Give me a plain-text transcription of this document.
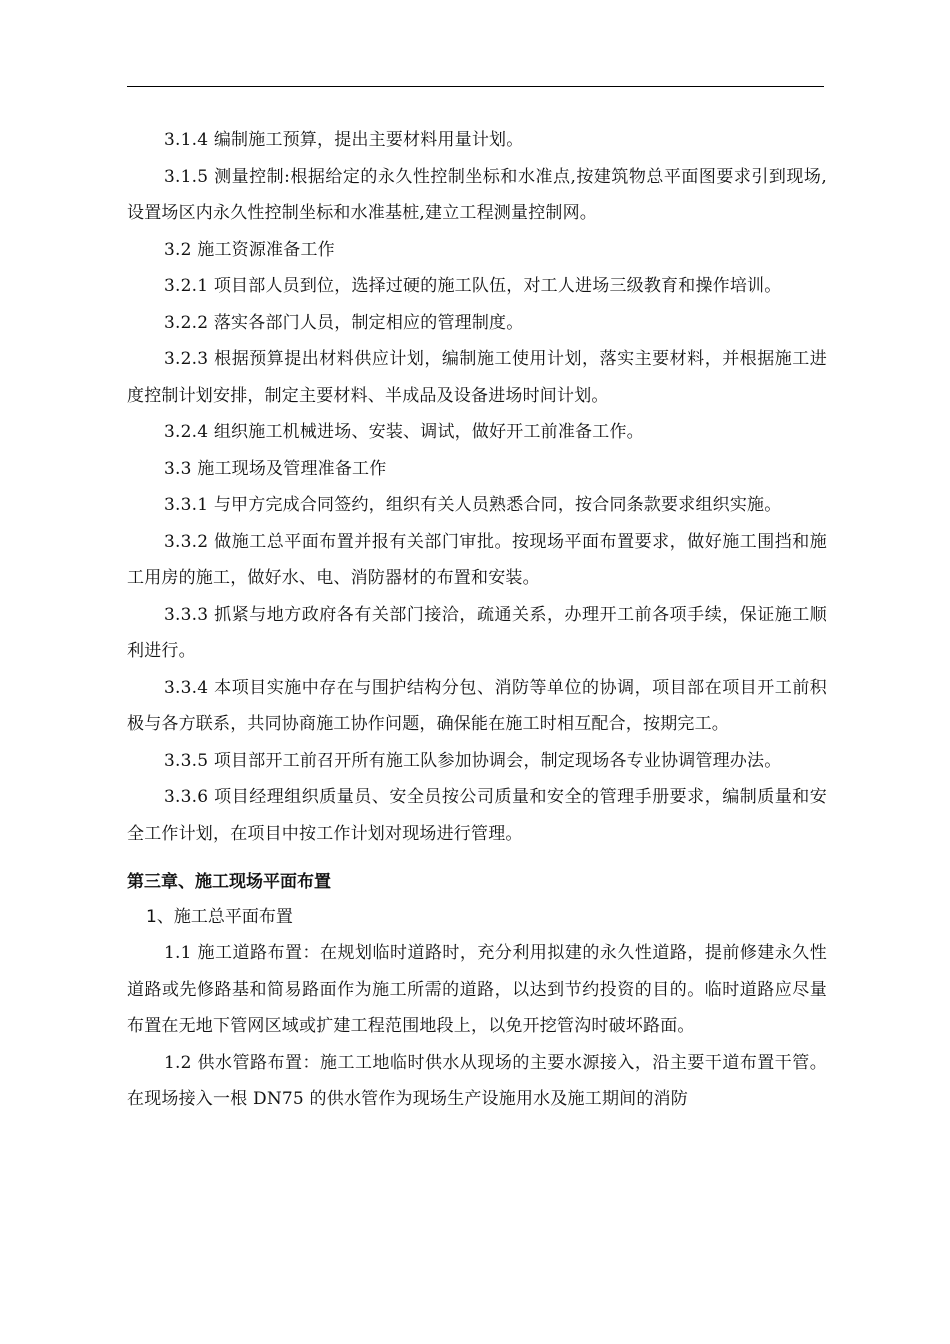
3.1.4 编制施工预算，提出主要材料用量计划。

3.1.5 测量控制:根据给定的永久性控制坐标和水准点,按建筑物总平面图要求引到现场,设置场区内永久性控制坐标和水准基桩,建立工程测量控制网。

3.2 施工资源准备工作

3.2.1 项目部人员到位，选择过硬的施工队伍，对工人进场三级教育和操作培训。

3.2.2 落实各部门人员，制定相应的管理制度。

3.2.3 根据预算提出材料供应计划，编制施工使用计划，落实主要材料，并根据施工进度控制计划安排，制定主要材料、半成品及设备进场时间计划。

3.2.4 组织施工机械进场、安装、调试，做好开工前准备工作。

3.3 施工现场及管理准备工作

3.3.1 与甲方完成合同签约，组织有关人员熟悉合同，按合同条款要求组织实施。

3.3.2 做施工总平面布置并报有关部门审批。按现场平面布置要求，做好施工围挡和施工用房的施工，做好水、电、消防器材的布置和安装。

3.3.3 抓紧与地方政府各有关部门接洽，疏通关系，办理开工前各项手续，保证施工顺利进行。

3.3.4 本项目实施中存在与围护结构分包、消防等单位的协调，项目部在项目开工前积极与各方联系，共同协商施工协作问题，确保能在施工时相互配合，按期完工。

3.3.5 项目部开工前召开所有施工队参加协调会，制定现场各专业协调管理办法。

3.3.6 项目经理组织质量员、安全员按公司质量和安全的管理手册要求，编制质量和安全工作计划，在项目中按工作计划对现场进行管理。

第三章、施工现场平面布置

1、施工总平面布置

1.1 施工道路布置：在规划临时道路时，充分利用拟建的永久性道路，提前修建永久性道路或先修路基和简易路面作为施工所需的道路，以达到节约投资的目的。临时道路应尽量布置在无地下管网区域或扩建工程范围地段上，以免开挖管沟时破坏路面。

1.2 供水管路布置：施工工地临时供水从现场的主要水源接入，沿主要干道布置干管。在现场接入一根 DN75 的供水管作为现场生产设施用水及施工期间的消防
